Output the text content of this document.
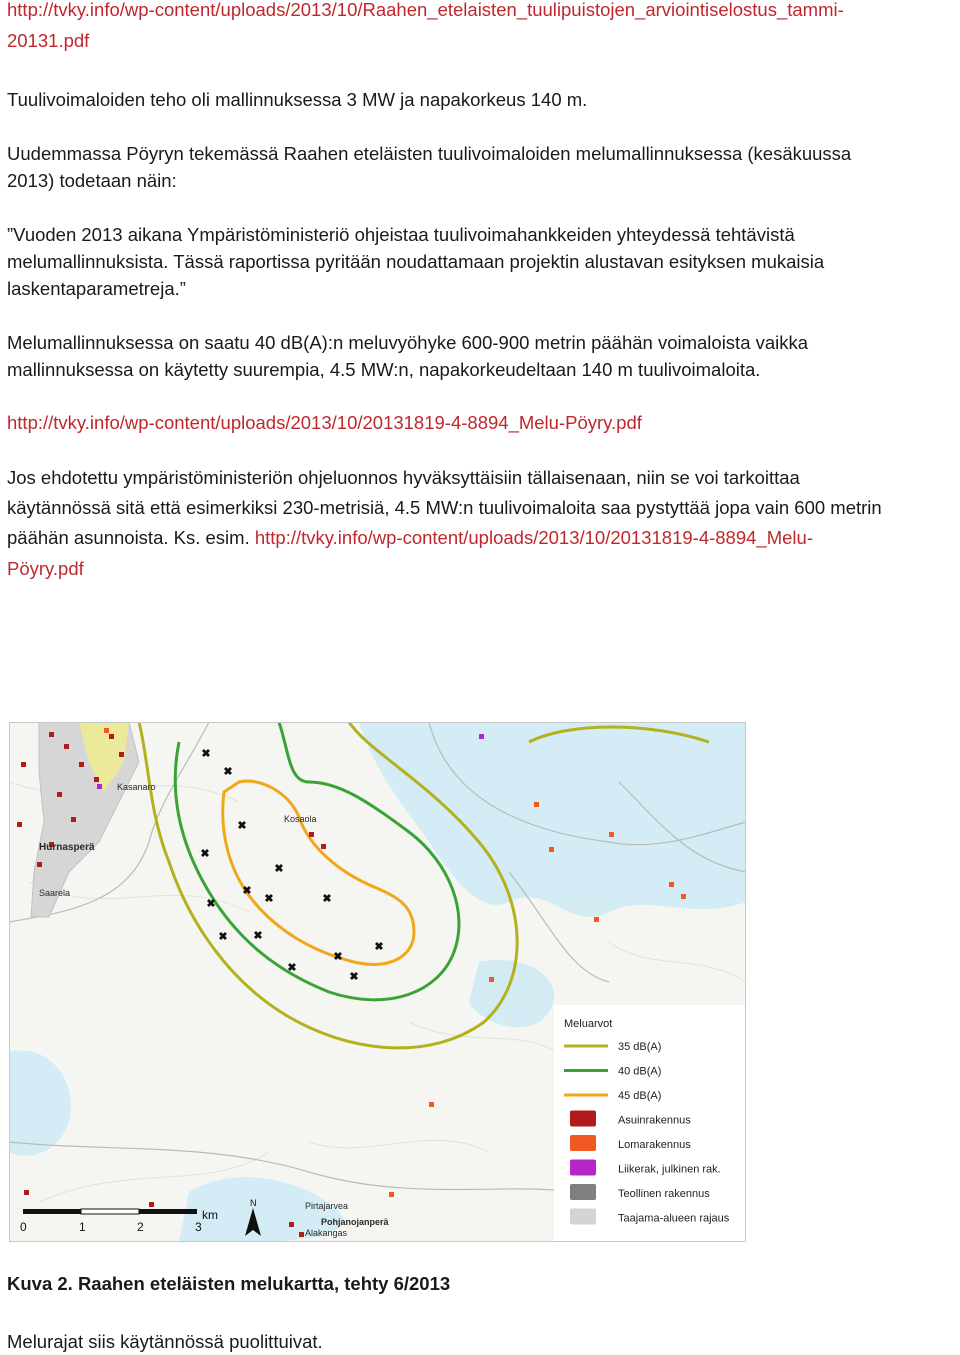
http://tvky.info/wp-content/uploads/2013/10/Raahen_etelaisten_tuulipuistojen_arviointiselostus_tammi-

20131.pdf

Tuulivoimaloiden teho oli mallinnuksessa 3 MW ja napakorkeus 140 m.

Uudemmassa Pöyryn tekemässä Raahen eteläisten tuulivoimaloiden melumallinnuksessa (kesäkuussa

2013) todetaan näin:

”Vuoden 2013 aikana Ympäristöministeriö ohjeistaa tuulivoimahankkeiden yhteydessä tehtävistä

melumallinnuksista. Tässä raportissa pyritään noudattamaan projektin alustavan esityksen mukaisia

laskentaparametreja.”

Melumallinnuksessa on saatu 40 dB(A):n meluvyöhyke 600-900 metrin päähän voimaloista vaikka

mallinnuksessa on käytetty suurempia, 4.5 MW:n, napakorkeudeltaan 140 m tuulivoimaloita.

http://tvky.info/wp-content/uploads/2013/10/20131819-4-8894_Melu-Pöyry.pdf

Jos ehdotettu ympäristöministeriön ohjeluonnos hyväksyttäisiin tällaisenaan, niin se voi tarkoittaa

käytännössä sitä että esimerkiksi 230-metrisiä, 4.5 MW:n tuulivoimaloita saa pystyttää jopa vain 600 metrin

päähän asunnoista. Ks. esim. http://tvky.info/wp-content/uploads/2013/10/20131819-4-8894_Melu-

Pöyry.pdf

✖
✖
✖
✖
✖
✖
✖ ✖
✖
✖
✖
✖
✖
✖
✖
Kasanaro
Hurnasperä
Saarela
Kosaola
Pirtajarvea
Pohjanojanperä
Alakangas
0	1	2	3
km
N
Meluarvot
35 dB(A)
40 dB(A)
45 dB(A)
Asuinrakennus
Lomarakennus
Liikerak, julkinen rak.
Teollinen rakennus
Taajama-alueen rajaus

Kuva 2. Raahen eteläisten melukartta, tehty 6/2013

Melurajat siis käytännössä puolittuivat.
